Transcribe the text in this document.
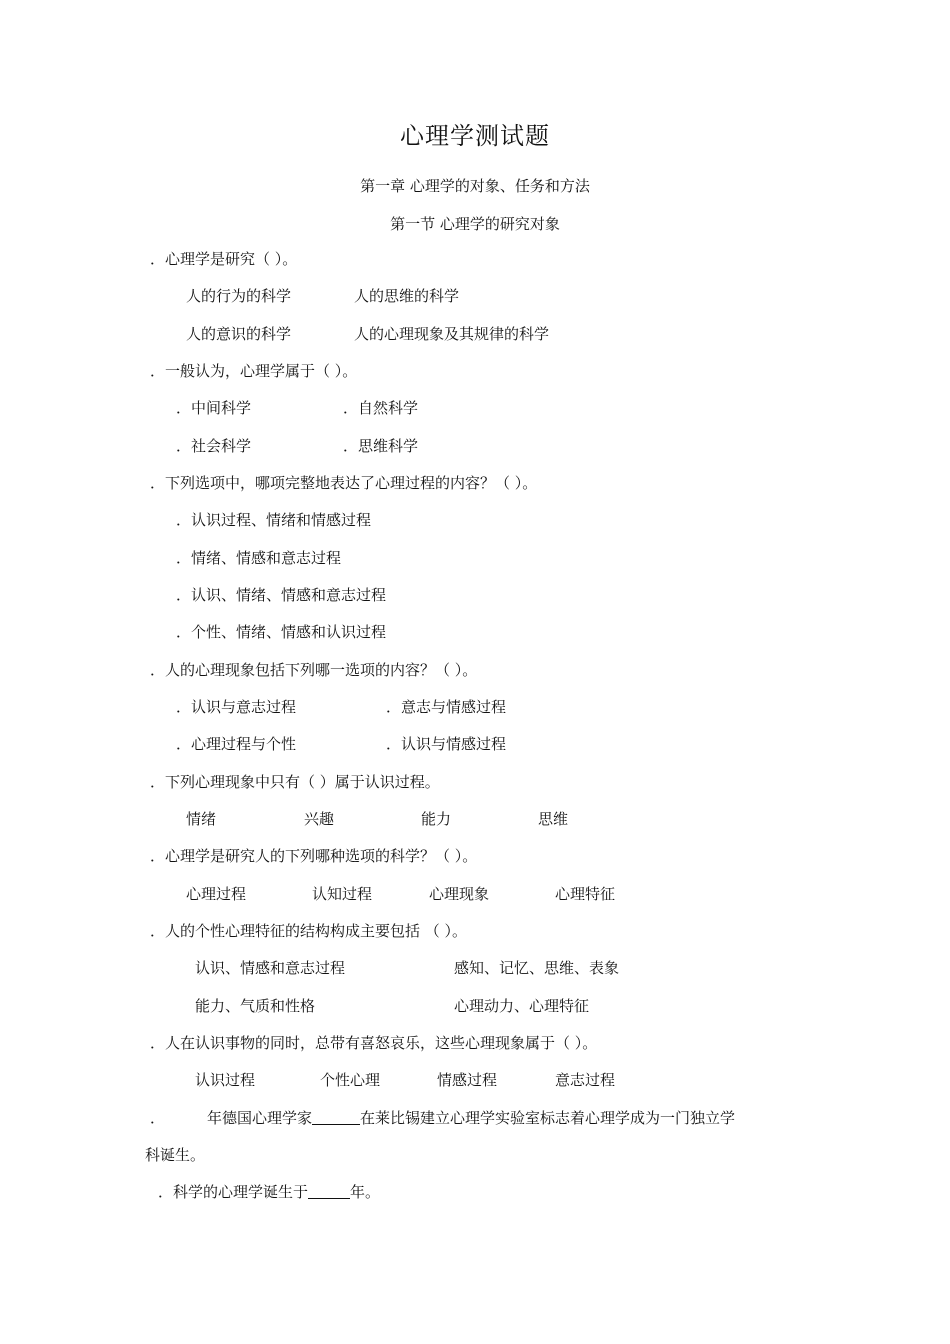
心理学测试题
第一章 心理学的对象、任务和方法
第一节 心理学的研究对象
．心理学是研究（ ）。
人的行为的科学	人的思维的科学
人的意识的科学	人的心理现象及其规律的科学
．一般认为，心理学属于（ ）。
．中间科学	．自然科学
．社会科学	．思维科学
．下列选项中，哪项完整地表达了心理过程的内容？（ ）。
．认识过程、情绪和情感过程
．情绪、情感和意志过程
．认识、情绪、情感和意志过程
．个性、情绪、情感和认识过程
．人的心理现象包括下列哪一选项的内容？（ ）。
．认识与意志过程	．意志与情感过程
．心理过程与个性	．认识与情感过程
．下列心理现象中只有（ ）属于认识过程。
情绪	兴趣	能力	思维
．心理学是研究人的下列哪种选项的科学？（ ）。
心理过程	认知过程	心理现象	心理特征
．人的个性心理特征的结构构成主要包括 （ ）。
认识、情感和意志过程	感知、记忆、思维、表象
能力、气质和性格	心理动力、心理特征
．人在认识事物的同时，总带有喜怒哀乐，这些心理现象属于（ ）。
认识过程	个性心理	情感过程	意志过程
．	年德国心理学家	在莱比锡建立心理学实验室标志着心理学成为一门独立学
科诞生。
．科学的心理学诞生于	年。
